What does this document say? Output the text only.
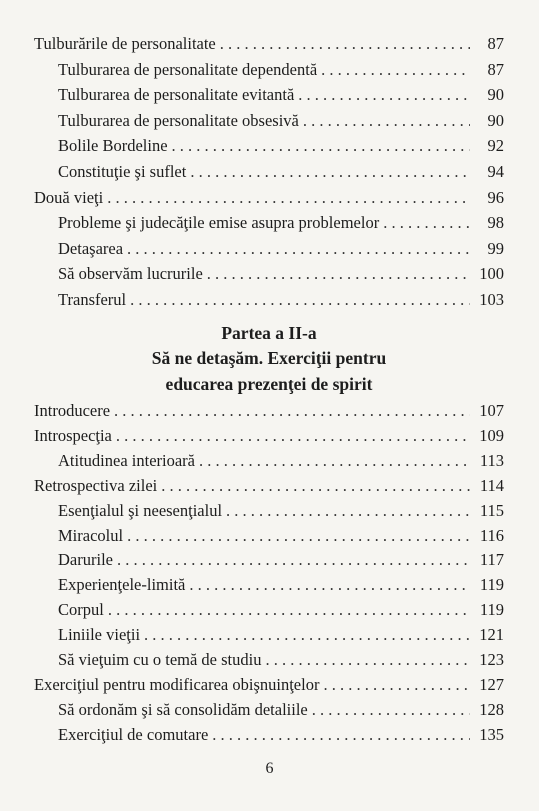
Tulburările de personalitate . . .	87
Tulburarea de personalitate dependentă . . .	87
Tulburarea de personalitate evitantă . . .	90
Tulburarea de personalitate obsesivă . . .	90
Bolile Bordeline . . .	92
Constituţie şi suflet . . .	94
Două vieţi . . .	96
Probleme şi judecăţile emise asupra problemelor . . .	98
Detaşarea . . .	99
Să observăm lucrurile . . .	100
Transferul . . .	103
Partea a II-a
Să ne detaşăm. Exerciţii pentru
educarea prezenţei de spirit
Introducere . . .	107
Introspecţia . . .	109
Atitudinea interioară . . .	113
Retrospectiva zilei . . .	114
Esenţialul şi neesenţialul . . .	115
Miracolul . . .	116
Darurile . . .	117
Experienţele-limită . . .	119
Corpul . . .	119
Liniile vieţii . . .	121
Să vieţuim cu o temă de studiu . . .	123
Exerciţiul pentru modificarea obişnuinţelor . . .	127
Să ordonăm şi să consolidăm detaliile . . .	128
Exerciţiul de comutare . . .	135
6
